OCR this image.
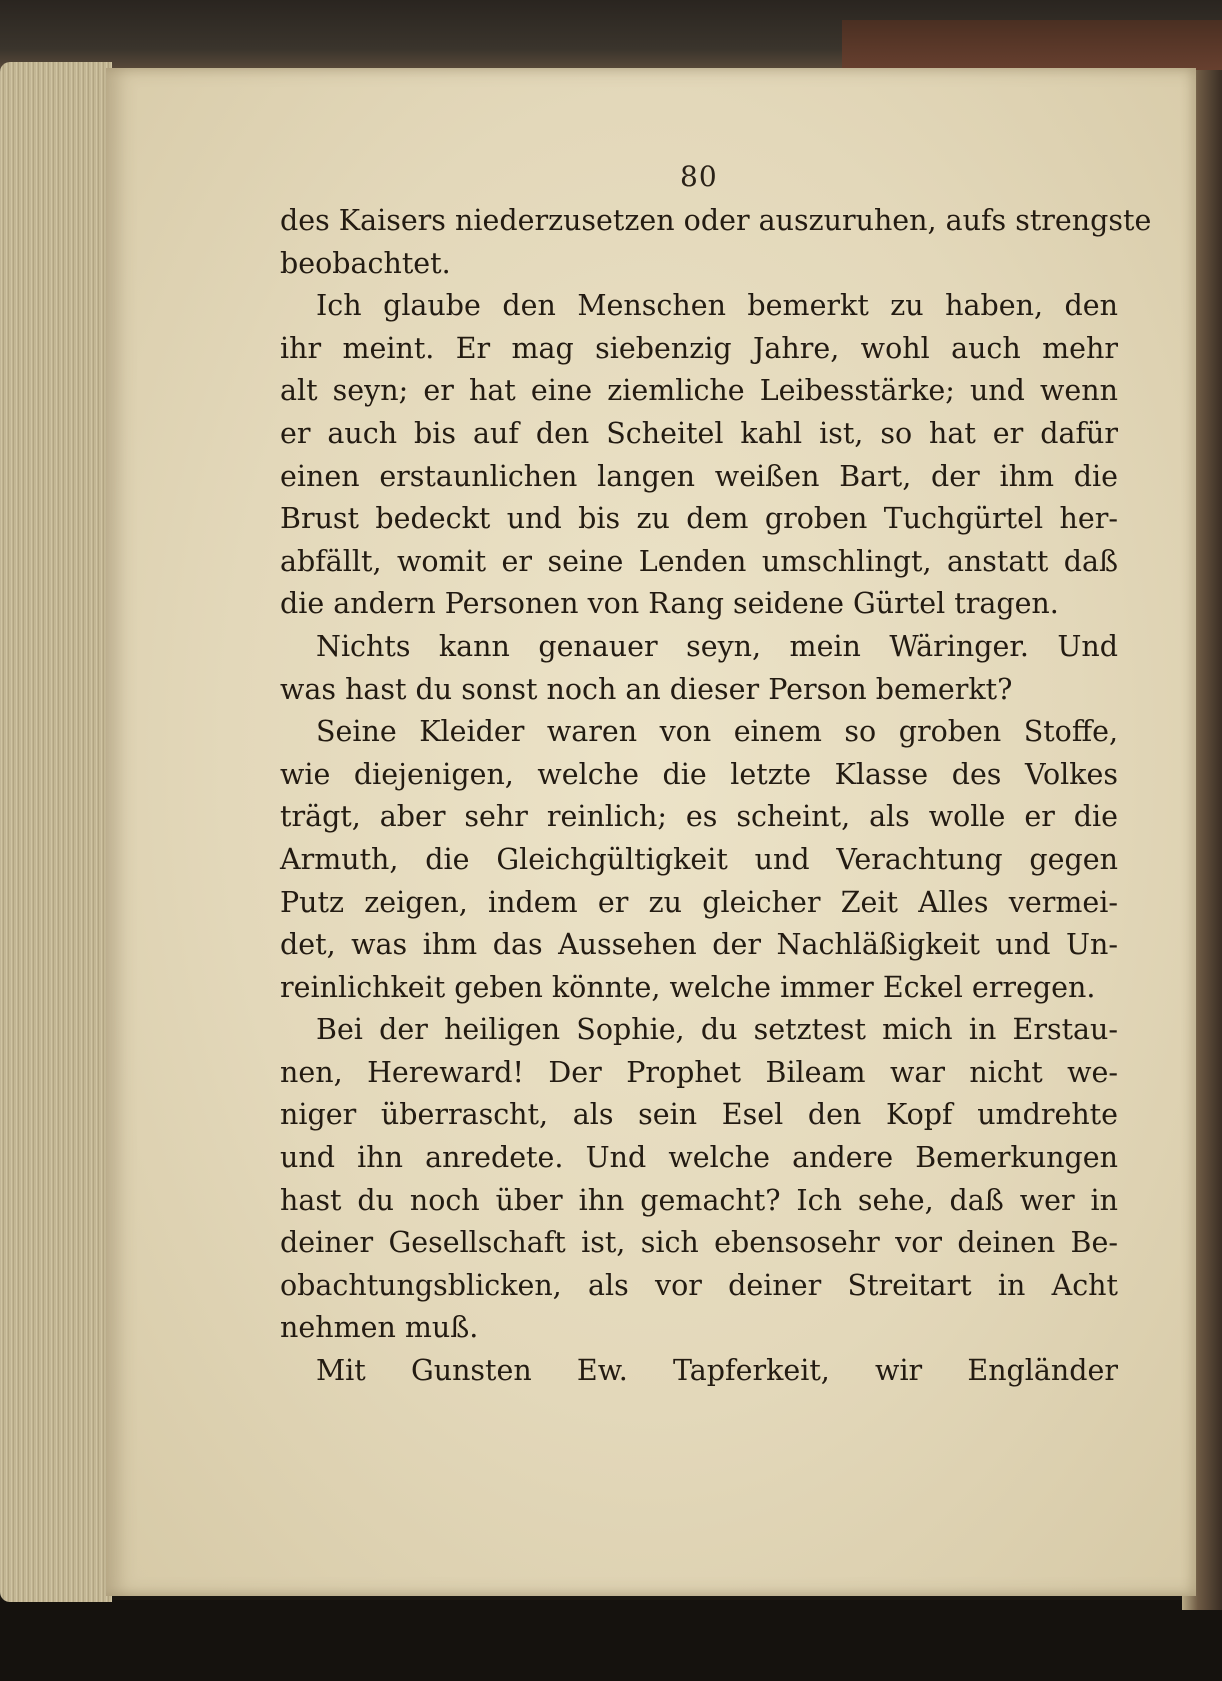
80
des Kaisers niederzusetzen oder auszuruhen, aufs strengste
beobachtet.
Ich glaube den Menschen bemerkt zu haben, den
ihr meint. Er mag siebenzig Jahre, wohl auch mehr
alt seyn; er hat eine ziemliche Leibesstärke; und wenn
er auch bis auf den Scheitel kahl ist, so hat er dafür
einen erstaunlichen langen weißen Bart, der ihm die
Brust bedeckt und bis zu dem groben Tuchgürtel her-
abfällt, womit er seine Lenden umschlingt, anstatt daß
die andern Personen von Rang seidene Gürtel tragen.
Nichts kann genauer seyn, mein Wäringer. Und
was hast du sonst noch an dieser Person bemerkt?
Seine Kleider waren von einem so groben Stoffe,
wie diejenigen, welche die letzte Klasse des Volkes
trägt, aber sehr reinlich; es scheint, als wolle er die
Armuth, die Gleichgültigkeit und Verachtung gegen
Putz zeigen, indem er zu gleicher Zeit Alles vermei-
det, was ihm das Aussehen der Nachläßigkeit und Un-
reinlichkeit geben könnte, welche immer Eckel erregen.
Bei der heiligen Sophie, du setztest mich in Erstau-
nen, Hereward! Der Prophet Bileam war nicht we-
niger überrascht, als sein Esel den Kopf umdrehte
und ihn anredete. Und welche andere Bemerkungen
hast du noch über ihn gemacht? Ich sehe, daß wer in
deiner Gesellschaft ist, sich ebensosehr vor deinen Be-
obachtungsblicken, als vor deiner Streitart in Acht
nehmen muß.
Mit Gunsten Ew. Tapferkeit, wir Engländer
